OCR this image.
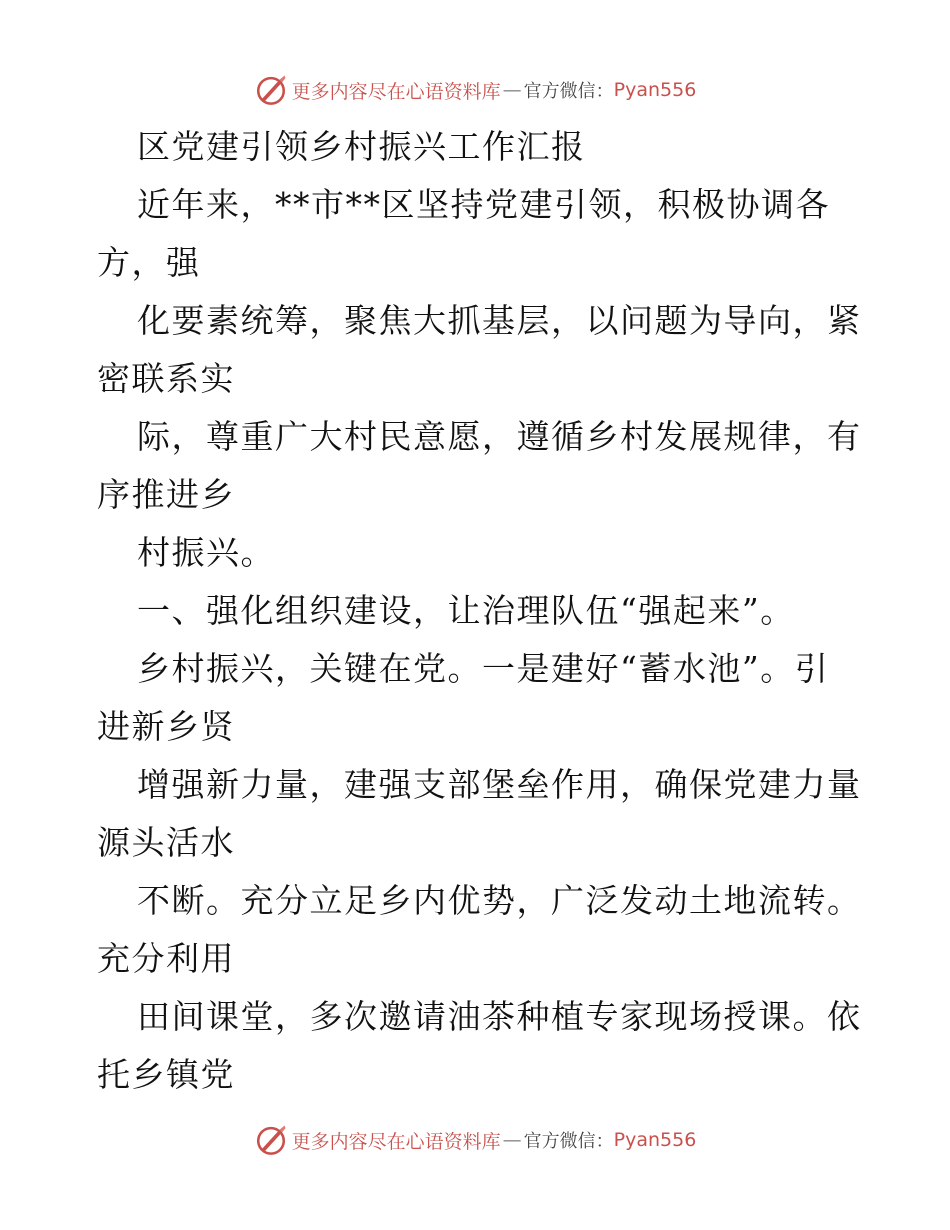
更多内容尽在心语资料库 — 官方微信： Pyan556
区党建引领乡村振兴工作汇报
近年来，**市**区坚持党建引领，积极协调各
方，强
化要素统筹，聚焦大抓基层，以问题为导向，紧
密联系实
际，尊重广大村民意愿，遵循乡村发展规律，有
序推进乡
村振兴。
一、强化组织建设，让治理队伍“强起来”。
乡村振兴，关键在党。一是建好“蓄水池”。引
进新乡贤
增强新力量，建强支部堡垒作用，确保党建力量
源头活水
不断。充分立足乡内优势，广泛发动土地流转。
充分利用
田间课堂，多次邀请油茶种植专家现场授课。依
托乡镇党
更多内容尽在心语资料库 — 官方微信： Pyan556
